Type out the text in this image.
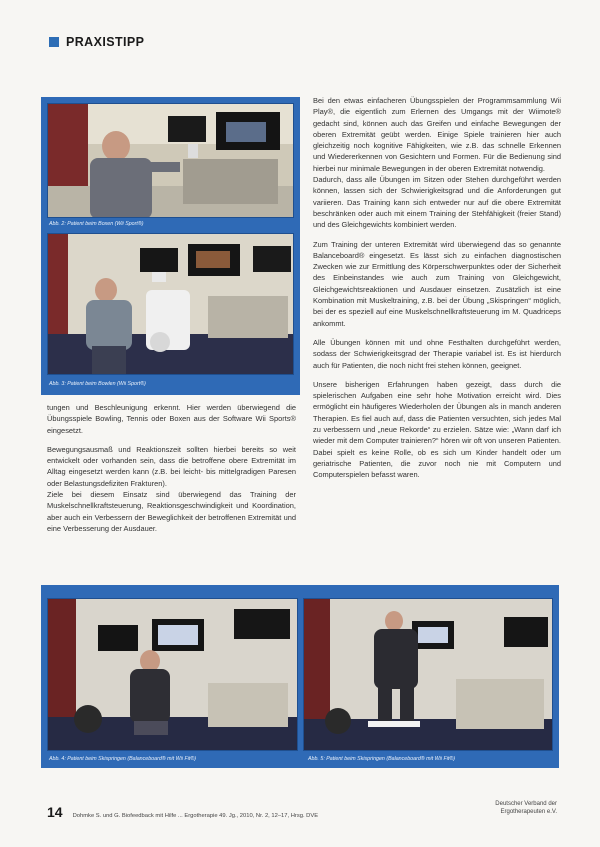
PRAXISTIPP
Abb. 2: Patient beim Boxen (Wii Sport®)
Abb. 3: Patient beim Bowlen (Wii Sport®)

tungen und Beschleunigung erkennt. Hier werden überwiegend die Übungsspiele Bowling, Tennis oder Boxen aus der Software Wii Sports® eingesetzt.

Bewegungsausmaß und Reaktionszeit sollten hierbei bereits so weit entwickelt oder vorhanden sein, dass die betroffene obere Extremität im Alltag eingesetzt werden kann (z.B. bei leicht- bis mittelgradigen Paresen oder Belastungsdefiziten Frakturen).

Ziele bei diesem Einsatz sind überwiegend das Training der Muskelschnellkraftsteuerung, Reaktionsgeschwindigkeit und Koordination, aber auch ein Verbessern der Beweglichkeit der betroffenen Extremität und eine Verbesserung der Ausdauer.

Bei den etwas einfacheren Übungsspielen der Programmsammlung Wii Play®, die eigentlich zum Erlernen des Umgangs mit der Wiimote® gedacht sind, können auch das Greifen und einfache Bewegungen der oberen Extremität geübt werden. Einige Spiele trainieren hier auch gleichzeitig noch kognitive Fähigkeiten, wie z.B. das schnelle Erkennen und Wiedererkennen von Gesichtern und Formen. Für die Bedienung sind hierbei nur minimale Bewegungen in der oberen Extremität notwendig.

Dadurch, dass alle Übungen im Sitzen oder Stehen durchgeführt werden können, lassen sich der Schwierigkeitsgrad und die Anforderungen gut variieren. Das Training kann sich entweder nur auf die obere Extremität beschränken oder auch mit einem Training der Stehfähigkeit (freier Stand) und des Gleichgewichts kombiniert werden.

Zum Training der unteren Extremität wird überwiegend das so genannte Balanceboard® eingesetzt. Es lässt sich zu einfachen diagnostischen Zwecken wie zur Ermittlung des Körperschwerpunktes oder der Sicherheit des Einbeinstandes wie auch zum Training von Gleichgewicht, Gleichgewichtsreaktionen und Ausdauer einsetzen. Zusätzlich ist eine Kombination mit Muskeltraining, z.B. bei der Übung „Skispringen“ möglich, bei der es speziell auf eine Muskelschnellkraftsteuerung im M. Quadriceps ankommt.

Alle Übungen können mit und ohne Festhalten durchgeführt werden, sodass der Schwierigkeitsgrad der Therapie variabel ist. Es ist hierdurch auch für Patienten, die noch nicht frei stehen können, geeignet.

Unsere bisherigen Erfahrungen haben gezeigt, dass durch die spielerischen Aufgaben eine sehr hohe Motivation erreicht wird. Dies ermöglicht ein häufigeres Wiederholen der Übungen als in manch anderen Therapien. Es fiel auch auf, dass die Patienten versuchten, sich jedes Mal zu verbessern und „neue Rekorde“ zu erzielen. Sätze wie: „Wann darf ich wieder mit dem Computer trainieren?“ hören wir oft von unseren Patienten. Dabei spielt es keine Rolle, ob es sich um Kinder handelt oder um geriatrische Patienten, die zuvor noch nie mit Computern und Computerspielen befasst waren.

Abb. 4: Patient beim Skispringen (Balanceboard® mit Wii Fit®)	Abb. 5: Patient beim Skispringen (Balanceboard® mit Wii Fit®)
14 Dohmke S. und G. Biofeedback mit Hilfe ... Ergotherapie 49. Jg., 2010, Nr. 2, 12–17, Hrsg. DVE
Deutscher Verband der
Ergotherapeuten e.V.
